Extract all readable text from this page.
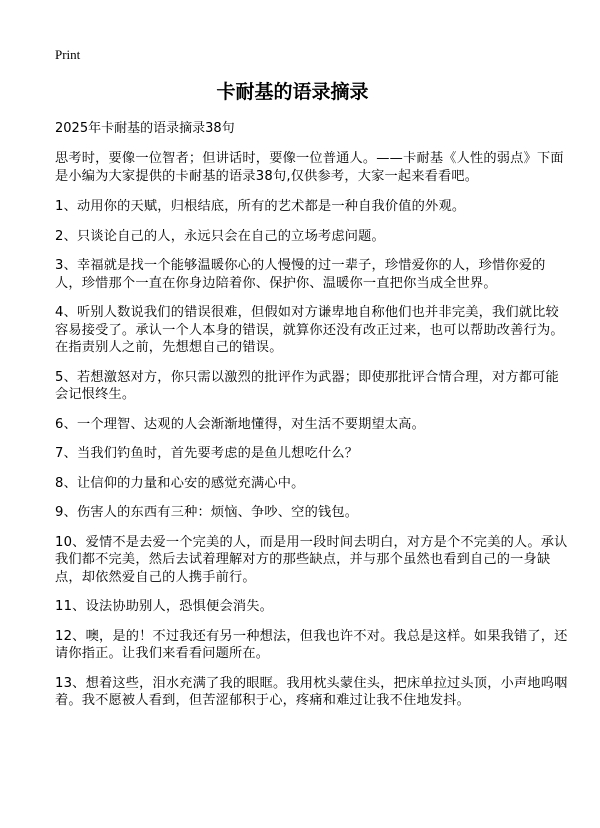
Print
卡耐基的语录摘录
2025年卡耐基的语录摘录38句

思考时，要像一位智者；但讲话时，要像一位普通人。——卡耐基《人性的弱点》下面是小编为大家提供的卡耐基的语录38句,仅供参考，大家一起来看看吧。

1、动用你的天赋，归根结底，所有的艺术都是一种自我价值的外观。

2、只谈论自己的人，永远只会在自己的立场考虑问题。

3、幸福就是找一个能够温暖你心的人慢慢的过一辈子，珍惜爱你的人，珍惜你爱的人，珍惜那个一直在你身边陪着你、保护你、温暖你一直把你当成全世界。

4、听别人数说我们的错误很难，但假如对方谦卑地自称他们也并非完美，我们就比较容易接受了。承认一个人本身的错误，就算你还没有改正过来，也可以帮助改善行为。在指责别人之前，先想想自己的错误。

5、若想激怒对方，你只需以激烈的批评作为武器；即使那批评合情合理，对方都可能会记恨终生。

6、一个理智、达观的人会渐渐地懂得，对生活不要期望太高。

7、当我们钓鱼时，首先要考虑的是鱼儿想吃什么？

8、让信仰的力量和心安的感觉充满心中。

9、伤害人的东西有三种：烦恼、争吵、空的钱包。

10、爱情不是去爱一个完美的人，而是用一段时间去明白，对方是个不完美的人。承认我们都不完美，然后去试着理解对方的那些缺点，并与那个虽然也看到自己的一身缺点，却依然爱自己的人携手前行。

11、设法协助别人，恐惧便会消失。

12、噢，是的！不过我还有另一种想法，但我也许不对。我总是这样。如果我错了，还请你指正。让我们来看看问题所在。

13、想着这些，泪水充满了我的眼眶。我用枕头蒙住头，把床单拉过头顶，小声地呜咽着。我不愿被人看到，但苦涩郁积于心，疼痛和难过让我不住地发抖。
